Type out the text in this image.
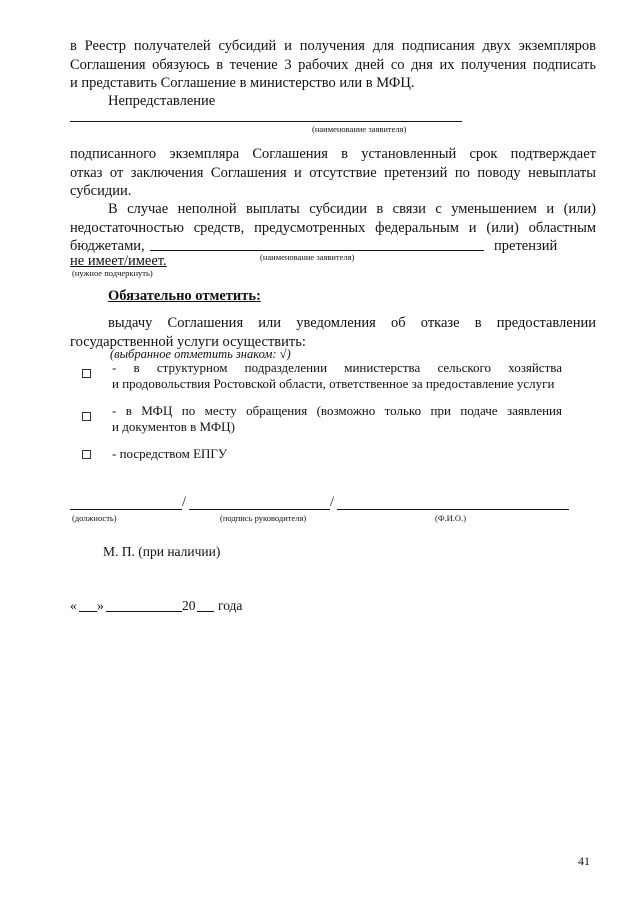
в Реестр получателей субсидий и получения для подписания двух экземпляров
Соглашения обязуюсь в течение 3 рабочих дней со дня их получения подписать
и представить Соглашение в министерство или в МФЦ.
Непредставление
(наименование заявителя)
подписанного экземпляра Соглашения в установленный срок подтверждает
отказ от заключения Соглашения и отсутствие претензий по поводу невыплаты
субсидии.
В случае неполной выплаты субсидии в связи с уменьшением и (или)
недостаточностью средств, предусмотренных федеральным и (или) областным
бюджетами,	претензий
(наименование заявителя)
не имеет/имеет.
(нужное подчеркнуть)
Обязательно отметить:
выдачу Соглашения или уведомления об отказе в предоставлении
государственной услуги осуществить:
(выбранное отметить знаком: √)
- в структурном подразделении министерства сельского хозяйства
и продовольствия Ростовской области, ответственное за предоставление услуги
- в МФЦ по месту обращения (возможно только при подаче заявления
и документов в МФЦ)
- посредством ЕПГУ
/	/
(должность)	(подпись руководителя)	(Ф.И.О.)
М. П. (при наличии)
« »	20 года
41
